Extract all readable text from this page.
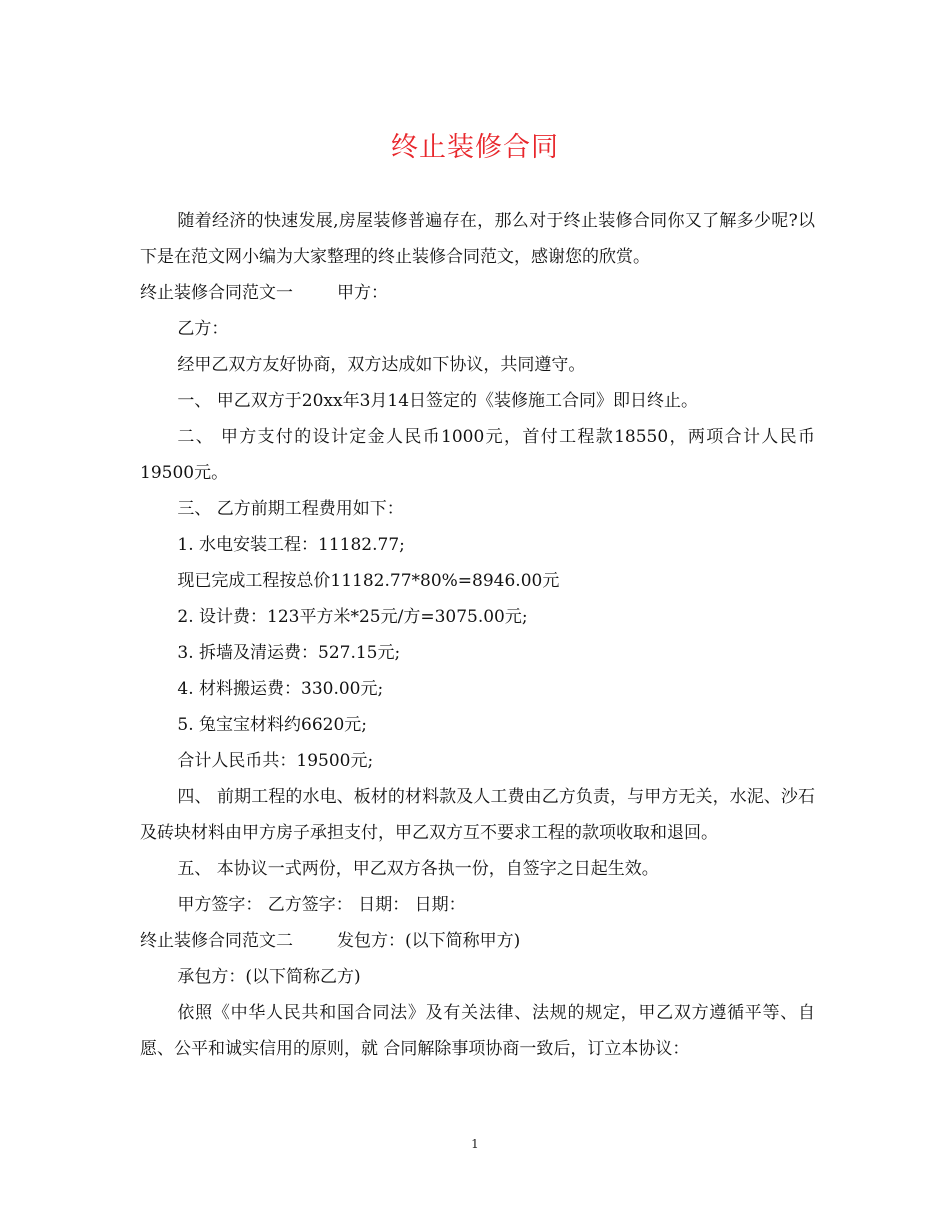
终止装修合同

随着经济的快速发展,房屋装修普遍存在，那么对于终止装修合同你又了解多少呢?以下是在范文网小编为大家整理的终止装修合同范文，感谢您的欣赏。

终止装修合同范文一	甲方：

乙方：

经甲乙双方友好协商，双方达成如下协议，共同遵守。

一、 甲乙双方于20xx年3月14日签定的《装修施工合同》即日终止。

二、 甲方支付的设计定金人民币1000元，首付工程款18550，两项合计人民币19500元。

三、 乙方前期工程费用如下：

1. 水电安装工程：11182.77;

现已完成工程按总价11182.77*80%=8946.00元

2. 设计费：123平方米*25元/方=3075.00元;

3. 拆墙及清运费：527.15元;

4. 材料搬运费：330.00元;

5. 兔宝宝材料约6620元;

合计人民币共：19500元;

四、 前期工程的水电、板材的材料款及人工费由乙方负责，与甲方无关，水泥、沙石及砖块材料由甲方房子承担支付，甲乙双方互不要求工程的款项收取和退回。

五、 本协议一式两份，甲乙双方各执一份，自签字之日起生效。

甲方签字： 乙方签字： 日期： 日期：

终止装修合同范文二	发包方：(以下简称甲方)

承包方：(以下简称乙方)

依照《中华人民共和国合同法》及有关法律、法规的规定，甲乙双方遵循平等、自愿、公平和诚实信用的原则，就 合同解除事项协商一致后，订立本协议：

1
